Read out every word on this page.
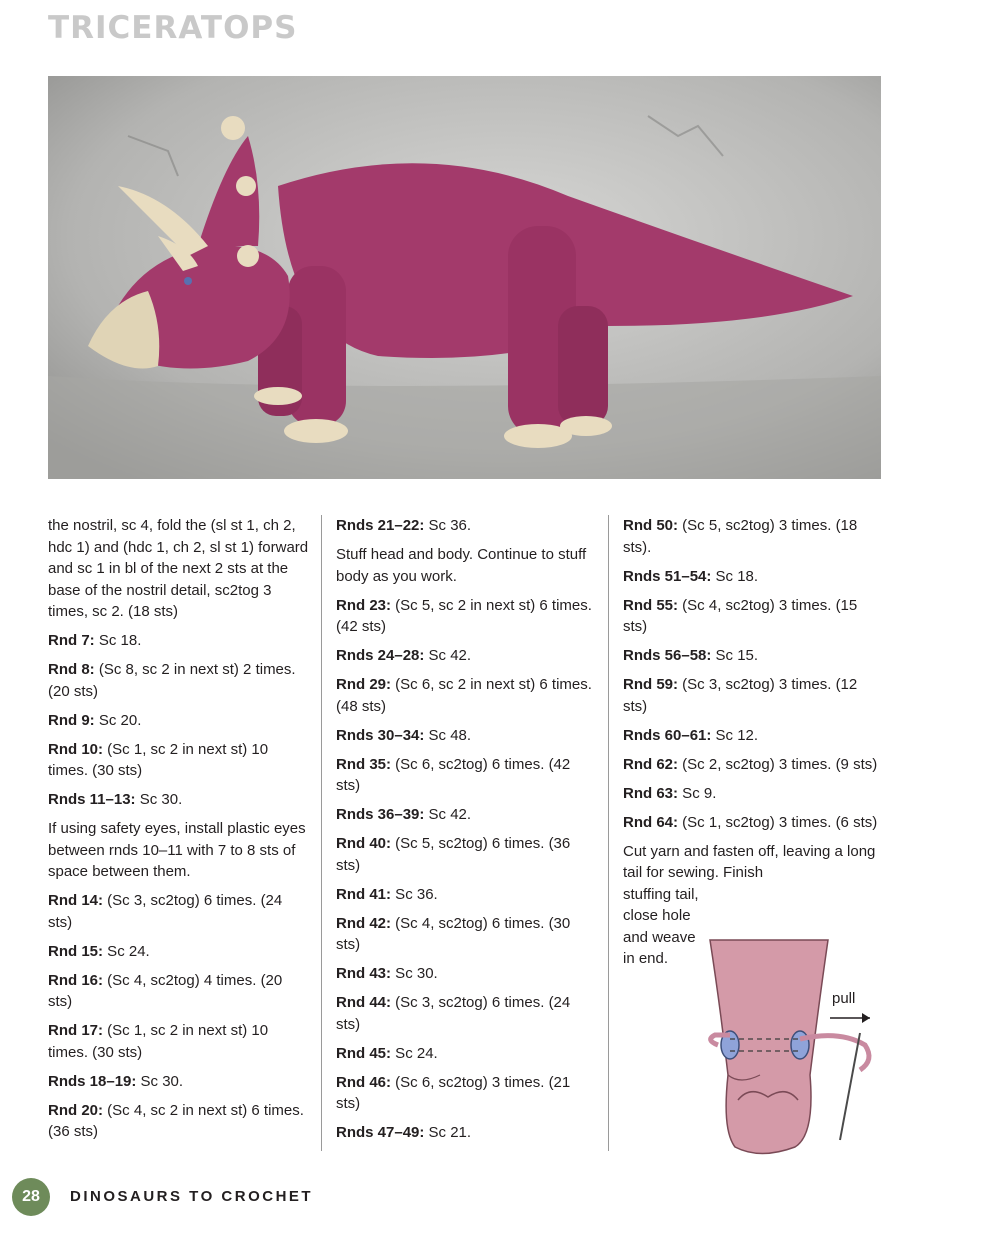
TRICERATOPS

the nostril, sc 4, fold the (sl st 1, ch 2, hdc 1) and (hdc 1, ch 2, sl st 1) forward and sc 1 in bl of the next 2 sts at the base of the nostril detail, sc2tog 3 times, sc 2. (18 sts)

Rnd 7: Sc 18.

Rnd 8: (Sc 8, sc 2 in next st) 2 times. (20 sts)

Rnd 9: Sc 20.

Rnd 10: (Sc 1, sc 2 in next st) 10 times. (30 sts)

Rnds 11–13: Sc 30.

If using safety eyes, install plastic eyes between rnds 10–11 with 7 to 8 sts of space between them.

Rnd 14: (Sc 3, sc2tog) 6 times. (24 sts)

Rnd 15: Sc 24.

Rnd 16: (Sc 4, sc2tog) 4 times. (20 sts)

Rnd 17: (Sc 1, sc 2 in next st) 10 times. (30 sts)

Rnds 18–19: Sc 30.

Rnd 20: (Sc 4, sc 2 in next st) 6 times. (36 sts)

Rnds 21–22: Sc 36.

Stuff head and body. Continue to stuff body as you work.

Rnd 23: (Sc 5, sc 2 in next st) 6 times. (42 sts)

Rnds 24–28: Sc 42.

Rnd 29: (Sc 6, sc 2 in next st) 6 times. (48 sts)

Rnds 30–34: Sc 48.

Rnd 35: (Sc 6, sc2tog) 6 times. (42 sts)

Rnds 36–39: Sc 42.

Rnd 40: (Sc 5, sc2tog) 6 times. (36 sts)

Rnd 41: Sc 36.

Rnd 42: (Sc 4, sc2tog) 6 times. (30 sts)

Rnd 43: Sc 30.

Rnd 44: (Sc 3, sc2tog) 6 times. (24 sts)

Rnd 45: Sc 24.

Rnd 46: (Sc 6, sc2tog) 3 times. (21 sts)

Rnds 47–49: Sc 21.

Rnd 50: (Sc 5, sc2tog) 3 times. (18 sts).

Rnds 51–54: Sc 18.

Rnd 55: (Sc 4, sc2tog) 3 times. (15 sts)

Rnds 56–58: Sc 15.

Rnd 59: (Sc 3, sc2tog) 3 times. (12 sts)

Rnds 60–61: Sc 12.

Rnd 62: (Sc 2, sc2tog) 3 times. (9 sts)

Rnd 63: Sc 9.

Rnd 64: (Sc 1, sc2tog) 3 times. (6 sts)

Cut yarn and fasten off, leaving a long tail for sewing. Finish

stuffing tail, close hole and weave in end.

pull
28	DINOSAURS TO CROCHET
